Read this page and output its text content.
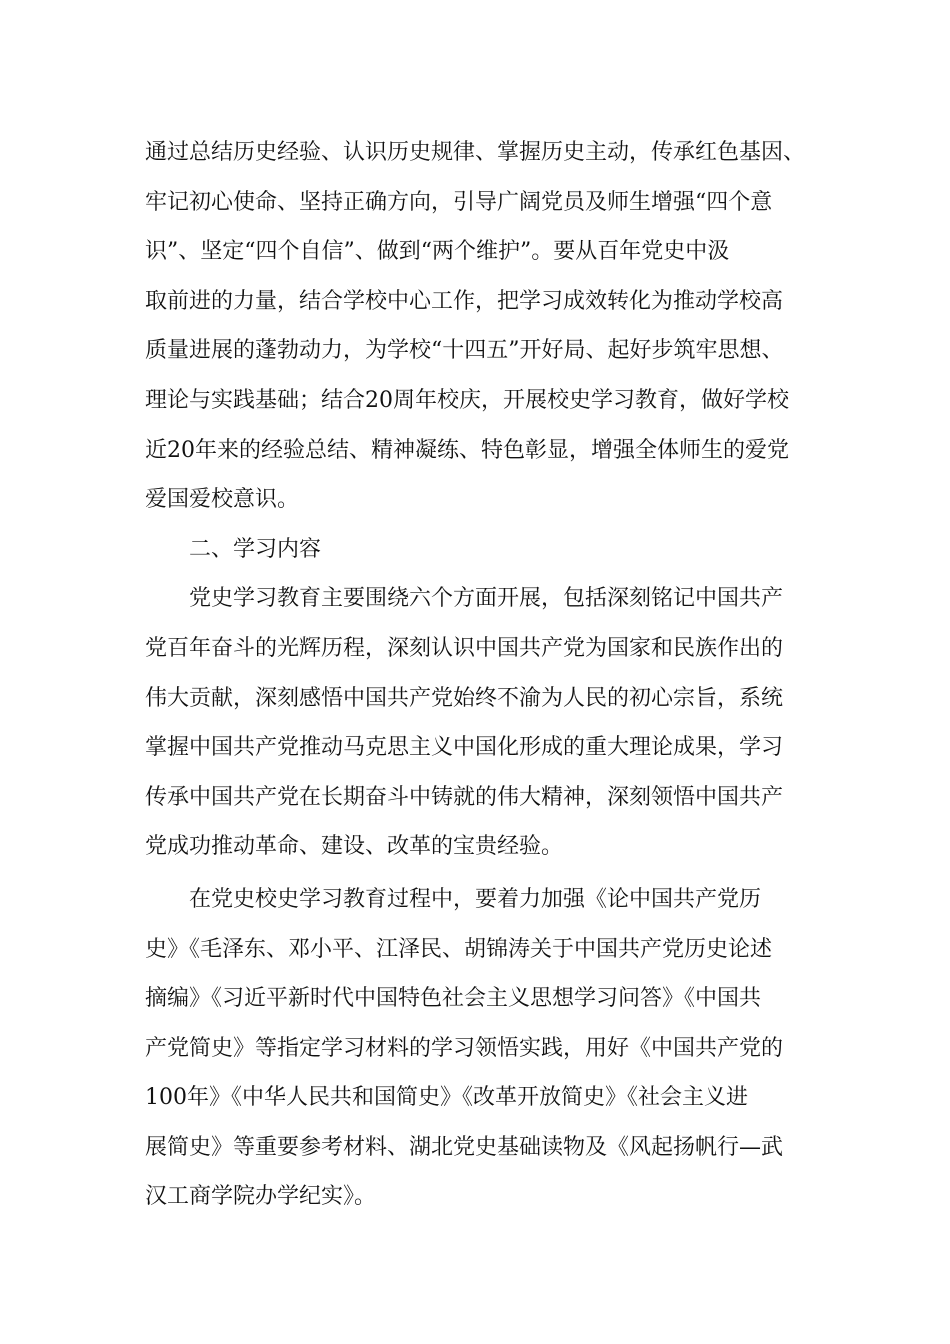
通过总结历史经验、认识历史规律、掌握历史主动，传承红色基因、
牢记初心使命、坚持正确方向，引导广阔党员及师生增强“四个意
识”、坚定“四个自信”、做到“两个维护”。要从百年党史中汲
取前进的力量，结合学校中心工作，把学习成效转化为推动学校高
质量进展的蓬勃动力，为学校“十四五”开好局、起好步筑牢思想、
理论与实践基础；结合20周年校庆，开展校史学习教育，做好学校
近20年来的经验总结、精神凝练、特色彰显，增强全体师生的爱党
爱国爱校意识。
二、学习内容
党史学习教育主要围绕六个方面开展，包括深刻铭记中国共产
党百年奋斗的光辉历程，深刻认识中国共产党为国家和民族作出的
伟大贡献，深刻感悟中国共产党始终不渝为人民的初心宗旨，系统
掌握中国共产党推动马克思主义中国化形成的重大理论成果，学习
传承中国共产党在长期奋斗中铸就的伟大精神，深刻领悟中国共产
党成功推动革命、建设、改革的宝贵经验。
在党史校史学习教育过程中，要着力加强《论中国共产党历
史》《毛泽东、邓小平、江泽民、胡锦涛关于中国共产党历史论述
摘编》《习近平新时代中国特色社会主义思想学习问答》《中国共
产党简史》等指定学习材料的学习领悟实践，用好《中国共产党的
100年》《中华人民共和国简史》《改革开放简史》《社会主义进
展简史》等重要参考材料、湖北党史基础读物及《风起扬帆行—武
汉工商学院办学纪实》。
